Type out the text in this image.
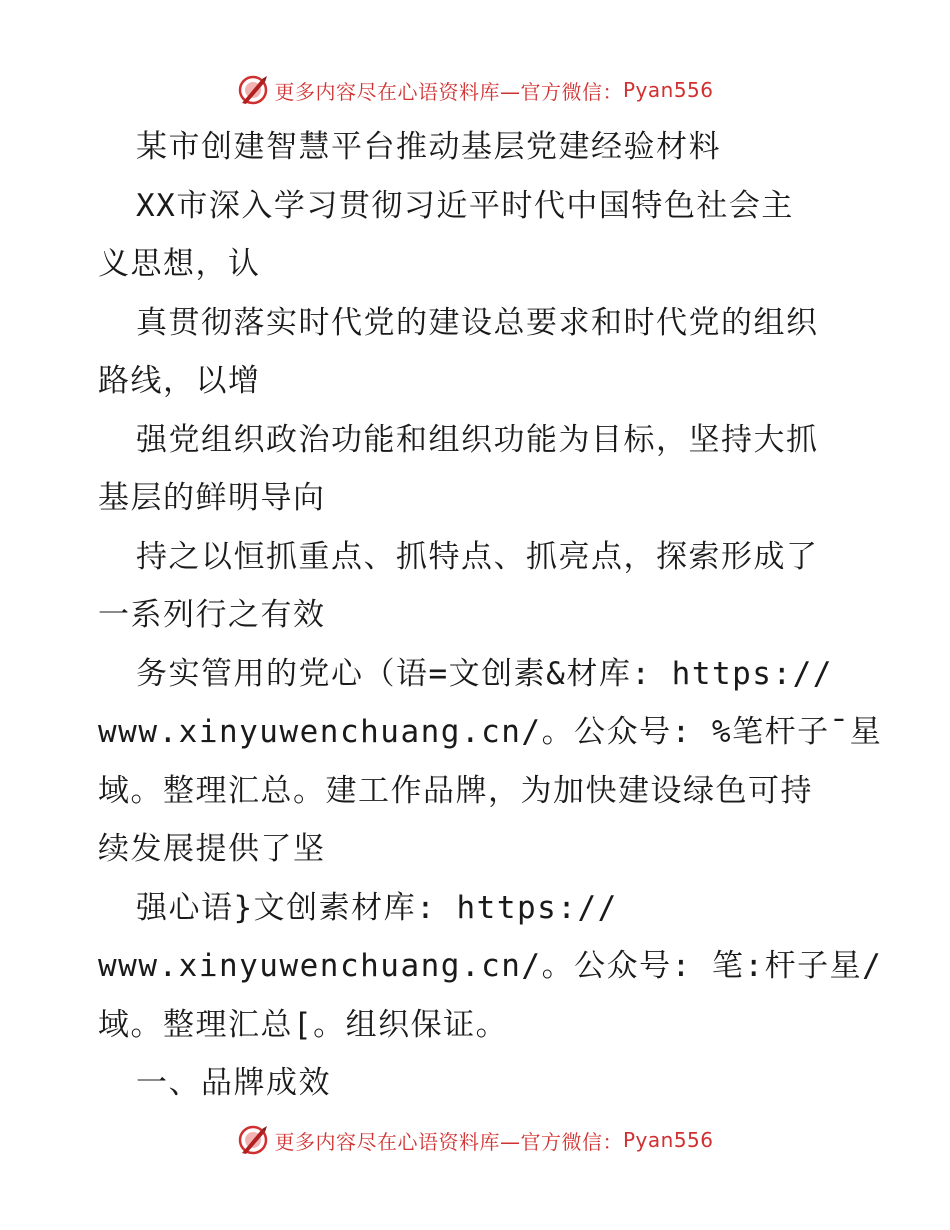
更多内容尽在心语资料库—官方微信： Pyan556
某市创建智慧平台推动基层党建经验材料
XX市深入学习贯彻习近平时代中国特色社会主
义思想，认
真贯彻落实时代党的建设总要求和时代党的组织
路线，以增
强党组织政治功能和组织功能为目标，坚持大抓
基层的鲜明导向
持之以恒抓重点、抓特点、抓亮点，探索形成了
一系列行之有效
务实管用的党心（语=文创素&材库: https://
www.xinyuwenchuang.cn/。公众号: %笔杆子¯星
域。整理汇总。建工作品牌，为加快建设绿色可持
续发展提供了坚
强心语}文创素材库: https://
www.xinyuwenchuang.cn/。公众号: 笔:杆子星/
域。整理汇总[。组织保证。
一、品牌成效
更多内容尽在心语资料库—官方微信： Pyan556
